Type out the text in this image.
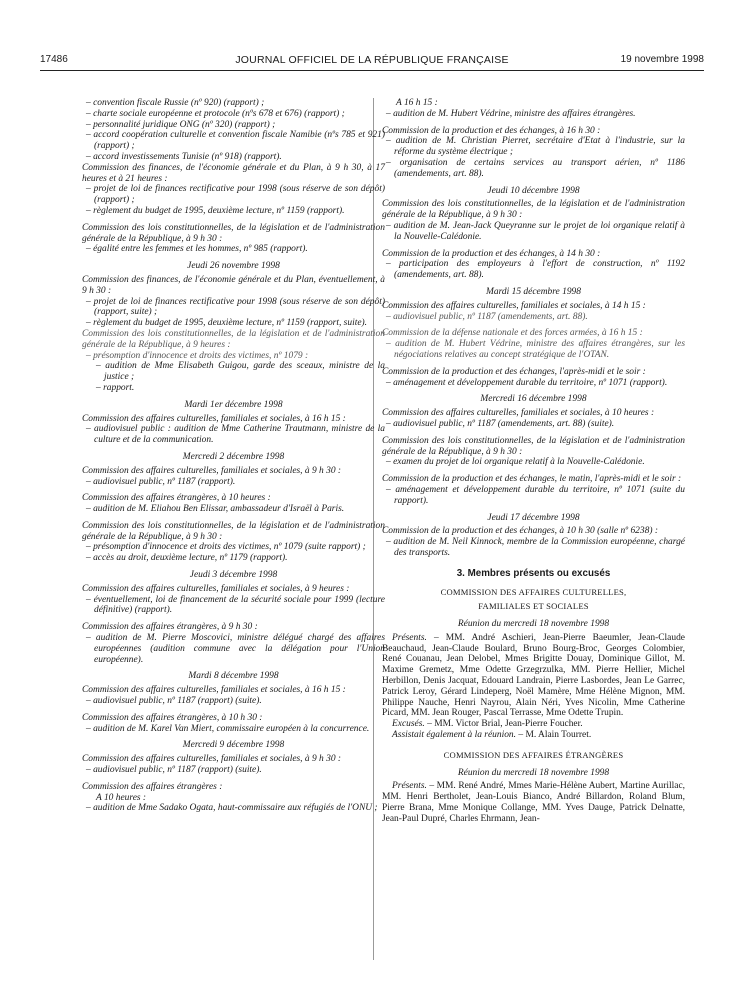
17486	JOURNAL OFFICIEL DE LA RÉPUBLIQUE FRANÇAISE	19 novembre 1998

– convention fiscale Russie (nº 920) (rapport) ;

– charte sociale européenne et protocole (nºs 678 et 676) (rapport) ;

– personnalité juridique ONG (nº 320) (rapport) ;

– accord coopération culturelle et convention fiscale Namibie (nºs 785 et 921) (rapport) ;

– accord investissements Tunisie (nº 918) (rapport).

Commission des finances, de l'économie générale et du Plan, à 9 h 30, à 17 heures et à 21 heures :

– projet de loi de finances rectificative pour 1998 (sous réserve de son dépôt) (rapport) ;

– règlement du budget de 1995, deuxième lecture, nº 1159 (rapport).

Commission des lois constitutionnelles, de la législation et de l'administration générale de la République, à 9 h 30 :

– égalité entre les femmes et les hommes, nº 985 (rapport).

Jeudi 26 novembre 1998

Commission des finances, de l'économie générale et du Plan, éventuellement, à 9 h 30 :

– projet de loi de finances rectificative pour 1998 (sous réserve de son dépôt) (rapport, suite) ;

– règlement du budget de 1995, deuxième lecture, nº 1159 (rapport, suite).

Commission des lois constitutionnelles, de la législation et de l'administration générale de la République, à 9 heures :

– présomption d'innocence et droits des victimes, nº 1079 :

– audition de Mme Elisabeth Guigou, garde des sceaux, ministre de la justice ;

– rapport.

Mardi 1er décembre 1998

Commission des affaires culturelles, familiales et sociales, à 16 h 15 :

– audiovisuel public : audition de Mme Catherine Trautmann, ministre de la culture et de la communication.

Mercredi 2 décembre 1998

Commission des affaires culturelles, familiales et sociales, à 9 h 30 :

– audiovisuel public, nº 1187 (rapport).

Commission des affaires étrangères, à 10 heures :

– audition de M. Eliahou Ben Elissar, ambassadeur d'Israël à Paris.

Commission des lois constitutionnelles, de la législation et de l'administration générale de la République, à 9 h 30 :

– présomption d'innocence et droits des victimes, nº 1079 (suite rapport) ;

– accès au droit, deuxième lecture, nº 1179 (rapport).

Jeudi 3 décembre 1998

Commission des affaires culturelles, familiales et sociales, à 9 heures :

– éventuellement, loi de financement de la sécurité sociale pour 1999 (lecture définitive) (rapport).

Commission des affaires étrangères, à 9 h 30 :

– audition de M. Pierre Moscovici, ministre délégué chargé des affaires européennes (audition commune avec la délégation pour l'Union européenne).

Mardi 8 décembre 1998

Commission des affaires culturelles, familiales et sociales, à 16 h 15 :

– audiovisuel public, nº 1187 (rapport) (suite).

Commission des affaires étrangères, à 10 h 30 :

– audition de M. Karel Van Miert, commissaire européen à la concurrence.

Mercredi 9 décembre 1998

Commission des affaires culturelles, familiales et sociales, à 9 h 30 :

– audiovisuel public, nº 1187 (rapport) (suite).

Commission des affaires étrangères :

A 10 heures :

– audition de Mme Sadako Ogata, haut-commissaire aux réfugiés de l'ONU ;

A 16 h 15 :

– audition de M. Hubert Védrine, ministre des affaires étrangères.

Commission de la production et des échanges, à 16 h 30 :

– audition de M. Christian Pierret, secrétaire d'Etat à l'industrie, sur la réforme du système électrique ;

– organisation de certains services au transport aérien, nº 1186 (amendements, art. 88).

Jeudi 10 décembre 1998

Commission des lois constitutionnelles, de la législation et de l'administration générale de la République, à 9 h 30 :

– audition de M. Jean-Jack Queyranne sur le projet de loi organique relatif à la Nouvelle-Calédonie.

Commission de la production et des échanges, à 14 h 30 :

– participation des employeurs à l'effort de construction, nº 1192 (amendements, art. 88).

Mardi 15 décembre 1998

Commission des affaires culturelles, familiales et sociales, à 14 h 15 :

– audiovisuel public, nº 1187 (amendements, art. 88).

Commission de la défense nationale et des forces armées, à 16 h 15 :

– audition de M. Hubert Védrine, ministre des affaires étrangères, sur les négociations relatives au concept stratégique de l'OTAN.

Commission de la production et des échanges, l'après-midi et le soir :

– aménagement et développement durable du territoire, nº 1071 (rapport).

Mercredi 16 décembre 1998

Commission des affaires culturelles, familiales et sociales, à 10 heures :

– audiovisuel public, nº 1187 (amendements, art. 88) (suite).

Commission des lois constitutionnelles, de la législation et de l'administration générale de la République, à 9 h 30 :

– examen du projet de loi organique relatif à la Nouvelle-Calédonie.

Commission de la production et des échanges, le matin, l'après-midi et le soir :

– aménagement et développement durable du territoire, nº 1071 (suite du rapport).

Jeudi 17 décembre 1998

Commission de la production et des échanges, à 10 h 30 (salle nº 6238) :

– audition de M. Neil Kinnock, membre de la Commission européenne, chargé des transports.

3. Membres présents ou excusés

COMMISSION DES AFFAIRES CULTURELLES,

FAMILIALES ET SOCIALES

Réunion du mercredi 18 novembre 1998

Présents. – MM. André Aschieri, Jean-Pierre Baeumler, Jean-Claude Beauchaud, Jean-Claude Boulard, Bruno Bourg-Broc, Georges Colombier, René Couanau, Jean Delobel, Mmes Brigitte Douay, Dominique Gillot, M. Maxime Gremetz, Mme Odette Grzegrzulka, MM. Pierre Hellier, Michel Herbillon, Denis Jacquat, Edouard Landrain, Pierre Lasbordes, Jean Le Garrec, Patrick Leroy, Gérard Lindeperg, Noël Mamère, Mme Hélène Mignon, MM. Philippe Nauche, Henri Nayrou, Alain Néri, Yves Nicolin, Mme Catherine Picard, MM. Jean Rouger, Pascal Terrasse, Mme Odette Trupin.

Excusés. – MM. Victor Brial, Jean-Pierre Foucher.

Assistait également à la réunion. – M. Alain Tourret.

COMMISSION DES AFFAIRES ÉTRANGÈRES

Réunion du mercredi 18 novembre 1998

Présents. – MM. René André, Mmes Marie-Hélène Aubert, Martine Aurillac, MM. Henri Bertholet, Jean-Louis Bianco, André Billardon, Roland Blum, Pierre Brana, Mme Monique Collange, MM. Yves Dauge, Patrick Delnatte, Jean-Paul Dupré, Charles Ehrmann, Jean-
